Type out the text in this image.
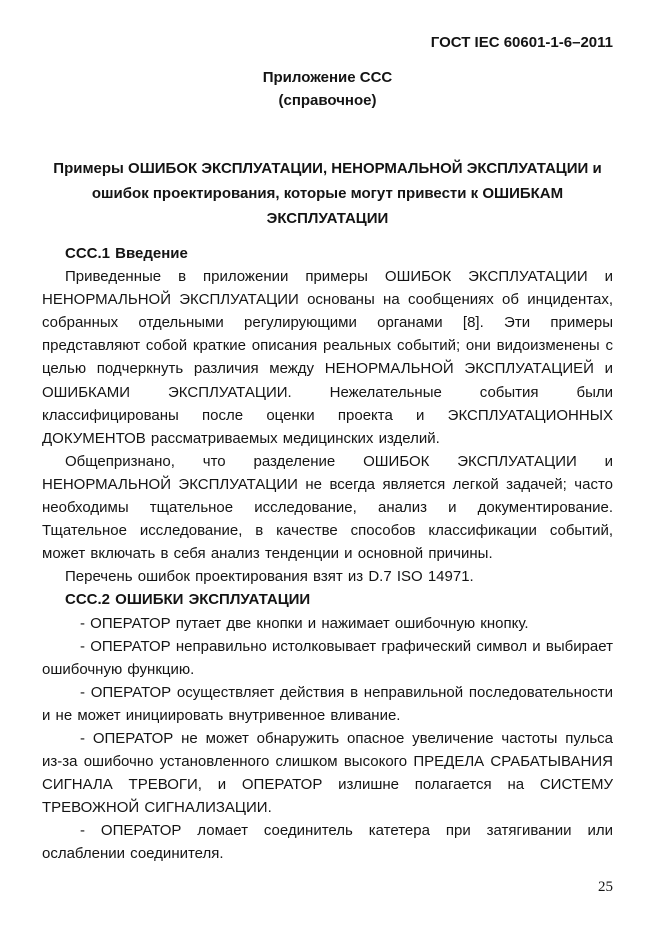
ГОСТ IEC 60601-1-6–2011
Приложение ССС
(справочное)
Примеры ОШИБОК ЭКСПЛУАТАЦИИ, НЕНОРМАЛЬНОЙ ЭКСПЛУАТАЦИИ и ошибок проектирования, которые могут привести к ОШИБКАМ ЭКСПЛУАТАЦИИ
ССС.1 Введение

Приведенные в приложении примеры ОШИБОК ЭКСПЛУАТАЦИИ и НЕНОРМАЛЬНОЙ ЭКСПЛУАТАЦИИ основаны на сообщениях об инцидентах, собранных отдельными регулирующими органами [8]. Эти примеры представляют собой краткие описания реальных событий; они видоизменены с целью подчеркнуть различия между НЕНОРМАЛЬНОЙ ЭКСПЛУАТАЦИЕЙ и ОШИБКАМИ ЭКСПЛУАТАЦИИ. Нежелательные события были классифицированы после оценки проекта и ЭКСПЛУАТАЦИОННЫХ ДОКУМЕНТОВ рассматриваемых медицинских изделий.

Общепризнано, что разделение ОШИБОК ЭКСПЛУАТАЦИИ и НЕНОРМАЛЬНОЙ ЭКСПЛУАТАЦИИ не всегда является легкой задачей; часто необходимы тщательное исследование, анализ и документирование. Тщательное исследование, в качестве способов классификации событий, может включать в себя анализ тенденции и основной причины.

Перечень ошибок проектирования взят из D.7 ISO 14971.

ССС.2 ОШИБКИ ЭКСПЛУАТАЦИИ

- ОПЕРАТОР путает две кнопки и нажимает ошибочную кнопку.

- ОПЕРАТОР неправильно истолковывает графический символ и выбирает ошибочную функцию.

- ОПЕРАТОР осуществляет действия в неправильной последовательности и не может инициировать внутривенное вливание.

- ОПЕРАТОР не может обнаружить опасное увеличение частоты пульса из-за ошибочно установленного слишком высокого ПРЕДЕЛА СРАБАТЫВАНИЯ СИГНАЛА ТРЕВОГИ, и ОПЕРАТОР излишне полагается на СИСТЕМУ ТРЕВОЖНОЙ СИГНАЛИЗАЦИИ.

- ОПЕРАТОР ломает соединитель катетера при затягивании или ослаблении соединителя.

25
